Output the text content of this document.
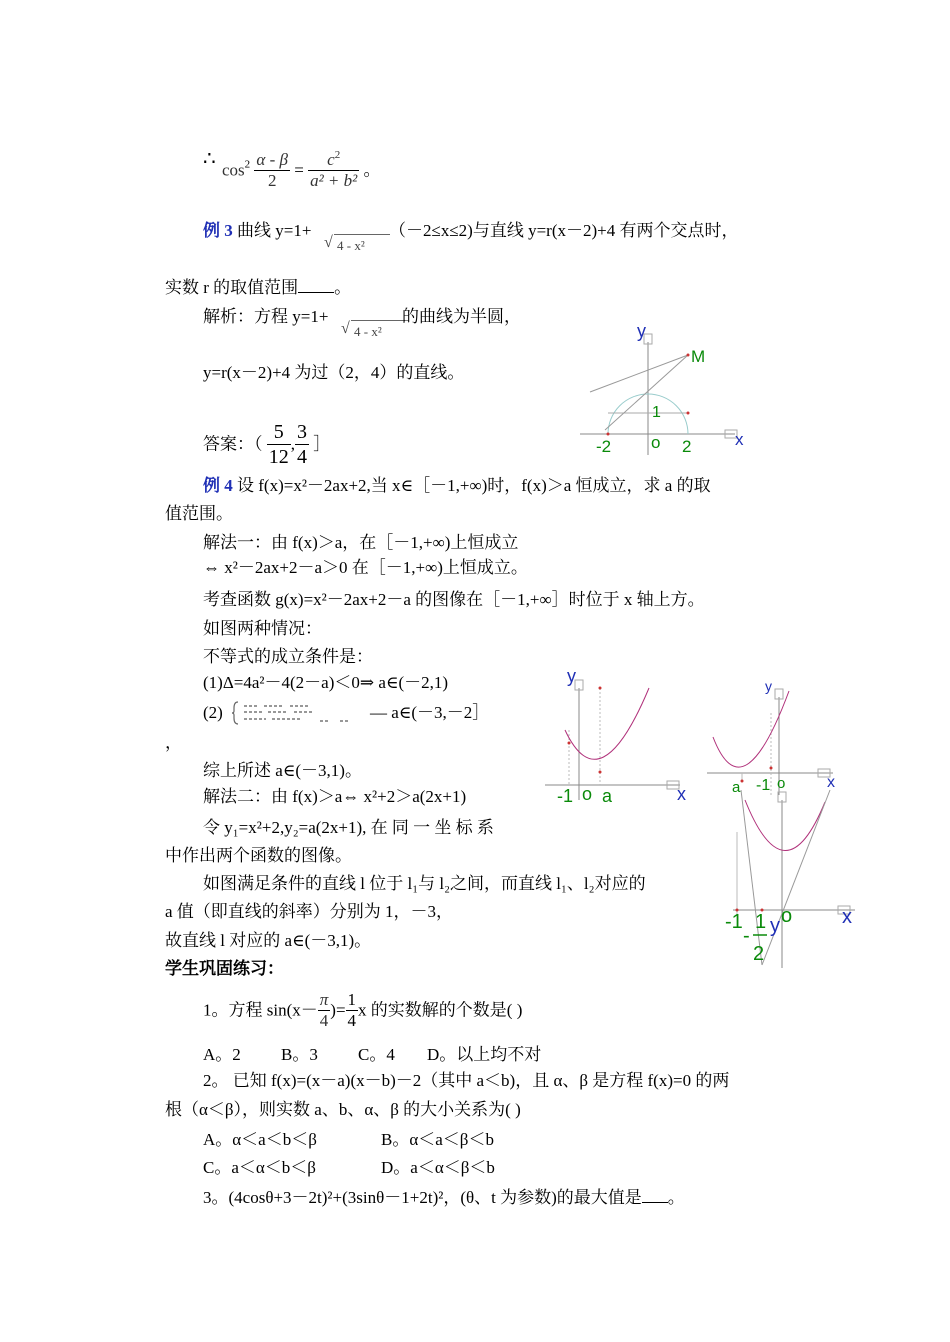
∴ $\cos^2 \frac{\alpha - \beta}{2} = \frac{c^2}{\text{a² + b²}}$ 。
例 3 曲线 y=1+
√ 4 - x²
（－2≤x≤2)与直线 y=r(x－2)+4 有两个交点时，
实数 r 的取值范围 。
解析：方程 y=1+
√ 4 - x²
的曲线为半圆，
y=r(x－2)+4 为过（2，4）的直线。
答案：（ $\frac{5}{12}$ , $\frac{3}{4}$ ］
y
M
1
-2 o 2	x
例 4 设 f(x)=x²－2ax+2,当 x∈［－1,+∞)时，f(x)＞a 恒成立，求 a 的取
值范围。
解法一：由 f(x)＞a，在［－1,+∞)上恒成立
⇔ x²－2ax+2－a＞0 在［－1,+∞)上恒成立。
考查函数 g(x)=x²－2ax+2－a 的图像在［－1,+∞］时位于 x 轴上方。
如图两种情况：
不等式的成立条件是：
(1)Δ=4a²－4(2－a)＜0⇒ a∈(－2,1)
(2)	— a∈(－3,－2］
，
综上所述 a∈(－3,1)。
解法二：由 f(x)＞a⇔ x²+2＞a(2x+1)
令 y₁=x²+2,y₂=a(2x+1), 在 同 一 坐 标 系
中作出两个函数的图像。
如图满足条件的直线 l 位于 l₁与 l₂之间，而直线 l₁、l₂对应的
a 值（即直线的斜率）分别为 1，－3，
故直线 l 对应的 a∈(－3,1)。
y
-1 o a	x
y
a -1 o	x
y
-1 1
-
2
o x
学生巩固练习：
1。方程 $\sin(x- \frac{\pi}{4}$ )= $\frac{1}{4}$ x 的实数解的个数是( )
A。2 B。3 C。4 D。以上均不对
2。 已知 f(x)=(x－a)(x－b)－2（其中 a＜b)，且 α、β 是方程 f(x)=0 的两
根（α＜β），则实数 a、b、α、β 的大小关系为( )
A。α＜a＜b＜β	B。α＜a＜β＜b
C。a＜α＜b＜β	D。a＜α＜β＜b
3。(4cosθ+3－2t)²+(3sinθ－1+2t)²，(θ、t 为参数)的最大值是 。
